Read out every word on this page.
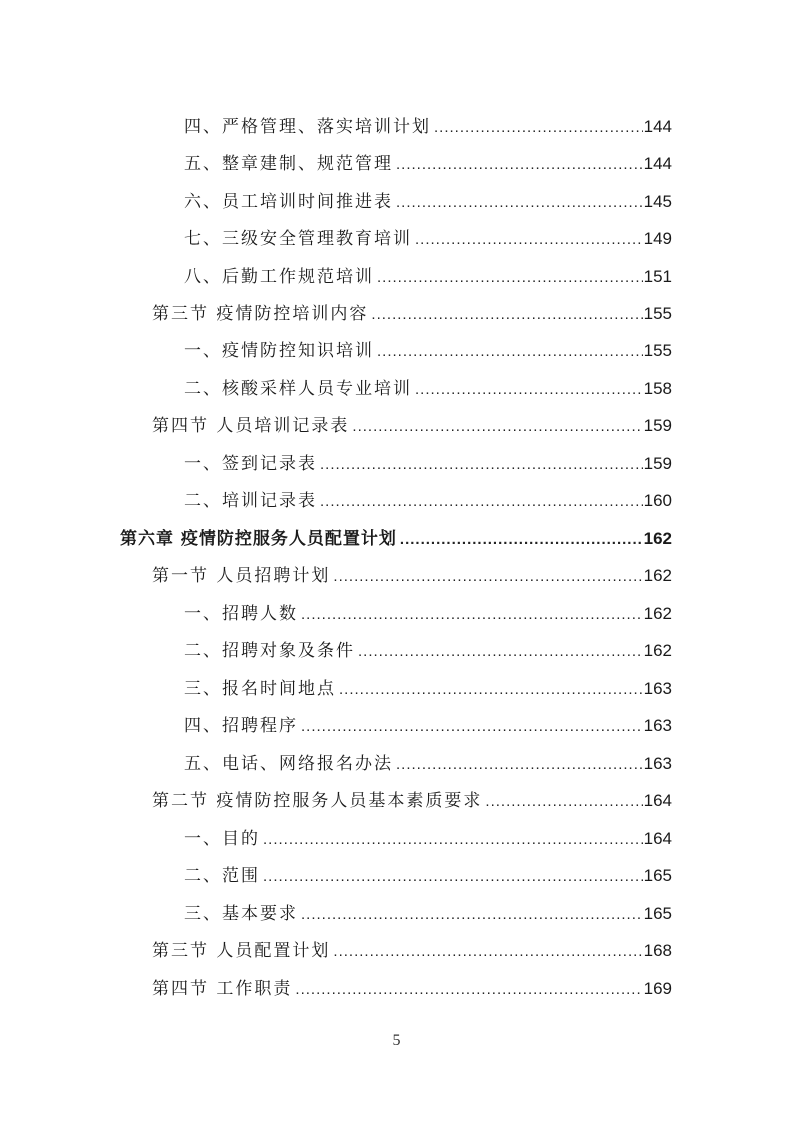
四、严格管理、落实培训计划 .....	144
五、整章建制、规范管理 .....	144
六、员工培训时间推进表 .....	145
七、三级安全管理教育培训 .....	149
八、后勤工作规范培训 .....	151
第三节 疫情防控培训内容 .....	155
一、疫情防控知识培训 .....	155
二、核酸采样人员专业培训 .....	158
第四节 人员培训记录表 .....	159
一、签到记录表 .....	159
二、培训记录表 .....	160
第六章 疫情防控服务人员配置计划 .....	162
第一节 人员招聘计划 .....	162
一、招聘人数 .....	162
二、招聘对象及条件 .....	162
三、报名时间地点 .....	163
四、招聘程序 .....	163
五、电话、网络报名办法 .....	163
第二节 疫情防控服务人员基本素质要求 .....	164
一、目的 .....	164
二、范围 .....	165
三、基本要求 .....	165
第三节 人员配置计划 .....	168
第四节 工作职责 .....	169
5
